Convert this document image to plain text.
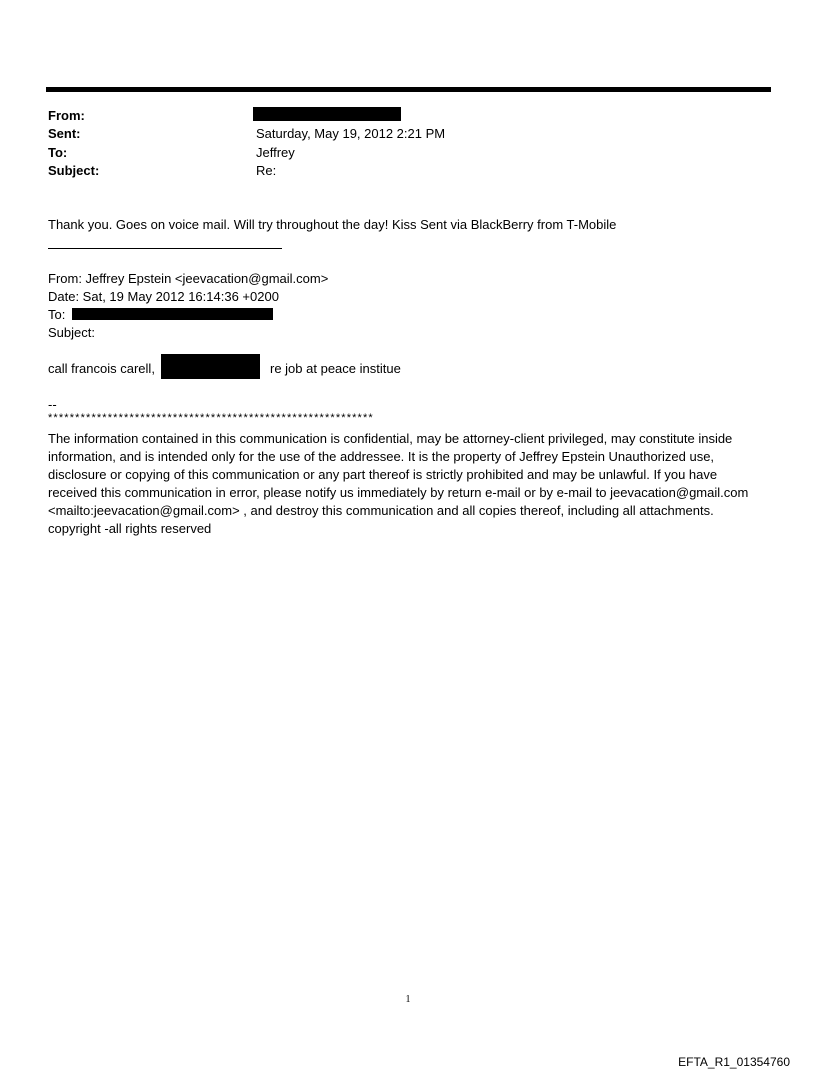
From:
Sent:	Saturday, May 19, 2012 2:21 PM
To:	Jeffrey
Subject:	Re:
Thank you. Goes on voice mail. Will try throughout the day! Kiss Sent via BlackBerry from T-Mobile
From: Jeffrey Epstein <jeevacation@gmail.com>
Date: Sat, 19 May 2012 16:14:36 +0200
To:
Subject:
call francois carell,	re job at peace institue
--
************************************************************
The information contained in this communication is confidential, may be attorney-client privileged, may constitute inside information, and is intended only for the use of the addressee. It is the property of Jeffrey Epstein Unauthorized use, disclosure or copying of this communication or any part thereof is strictly prohibited and may be unlawful. If you have received this communication in error, please notify us immediately by return e-mail or by e-mail to jeevacation@gmail.com <mailto:jeevacation@gmail.com> , and destroy this communication and all copies thereof, including all attachments. copyright -all rights reserved
1
EFTA_R1_01354760
